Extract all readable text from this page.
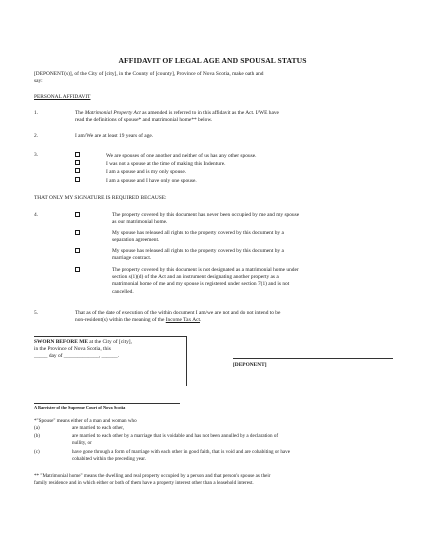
AFFIDAVIT OF LEGAL AGE AND SPOUSAL STATUS
[DEPONENT(s)], of the City of [city], in the County of [county], Province of Nova Scotia, make oath and
say:
PERSONAL AFFIDAVIT
1.	The Matrimonial Property Act as amended is referred to in this affidavit as the Act. I/WE have
read the definitions of spouse* and matrimonial home** below.
2.	I am/We are at least 19 years of age.
3.	We are spouses of one another and neither of us has any other spouse.
I was not a spouse at the time of making this Indenture.
I am a spouse and is my only spouse.
I am a spouse and I have only one spouse.
THAT ONLY MY SIGNATURE IS REQUIRED BECAUSE:
4.	The property covered by this document has never been occupied by me and my spouse
as our matrimonial home.
My spouse has released all rights to the property covered by this document by a
separation agreement.
My spouse has released all rights to the property covered by this document by a
marriage contract.
The property covered by this document is not designated as a matrimonial home under
section s(1)(d) of the Act and an instrument designating another property as a
matrimonial home of me and my spouse is registered under section 7(1) and is not
cancelled.
5.	That as of the date of execution of the within document I am/we are not and do not intend to be
non-resident(s) within the meaning of the Income Tax Act.
SWORN BEFORE ME at the City of [city],
in the Province of Nova Scotia, this
_____ day of _____________, ______.
[DEPONENT]
A Barrister of the Supreme Court of Nova Scotia
*"Spouse" means either of a man and woman who
(a)	are married to each other,
(b)	are married to each other by a marriage that is voidable and has not been annulled by a declaration of
nullity, or
(c)	have gone through a form of marriage with each other in good faith, that is void and are cohabiting or have
cohabited within the preceding year.
** "Matrimonial home" means the dwelling and real property occupied by a person and that person's spouse as their
family residence and in which either or both of them have a property interest other than a leasehold interest.
